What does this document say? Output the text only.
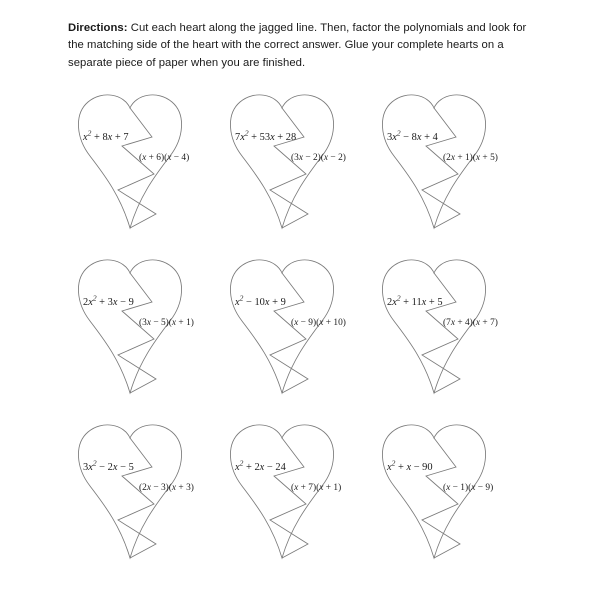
Directions: Cut each heart along the jagged line. Then, factor the polynomials and look for the matching side of the heart with the correct answer. Glue your complete hearts on a separate piece of paper when you are finished.

$x^2 + 8x + 7$
(x + 6)(x − 4)
$7x^2 + 53x + 28$
(3x − 2)(x − 2)
$3x^2 - 8x + 4$
(2x + 1)(x + 5)
$2x^2 + 3x - 9$
(3x − 5)(x + 1)
$x^2 - 10x + 9$
(x − 9)(x + 10)
$2x^2 + 11x + 5$
(7x + 4)(x + 7)
$3x^2 - 2x - 5$
(2x − 3)(x + 3)
$x^2 + 2x - 24$
(x + 7)(x + 1)
$x^2 + x - 90$
(x − 1)(x − 9)
